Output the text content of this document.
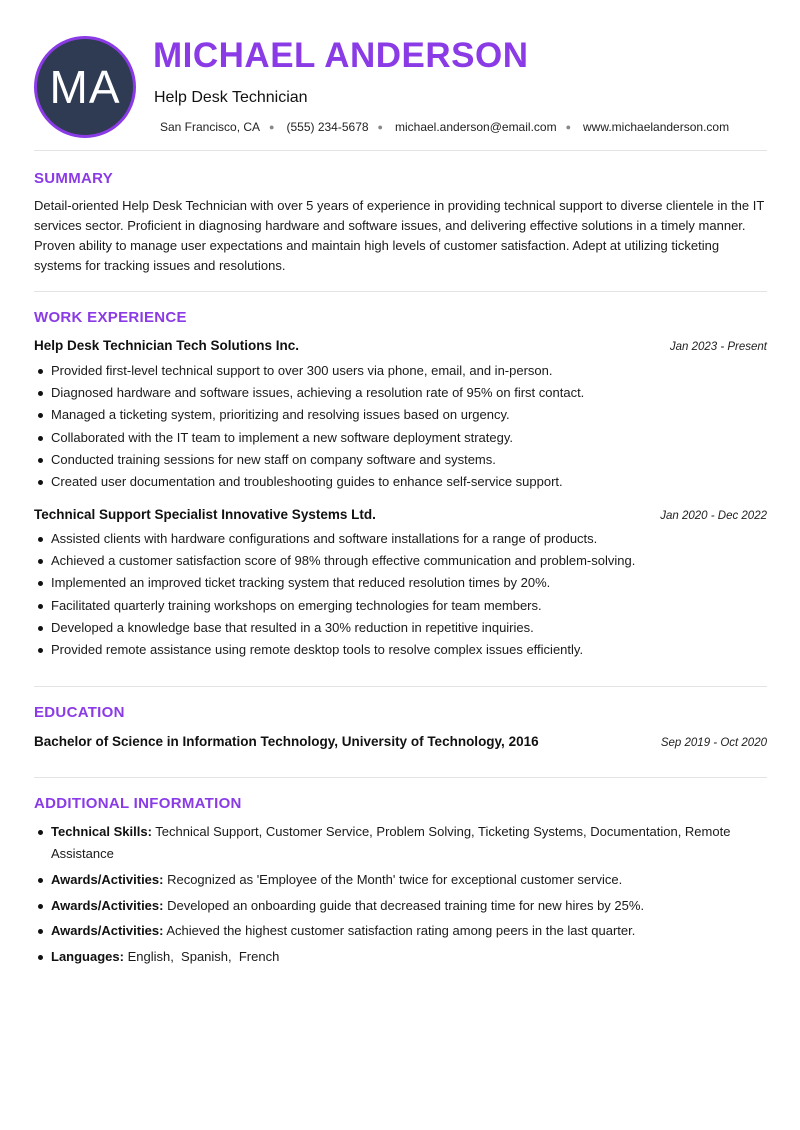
MA
MICHAEL ANDERSON
Help Desk Technician
San Francisco, CA ● (555) 234-5678 ● michael.anderson@email.com ● www.michaelanderson.com
SUMMARY

Detail-oriented Help Desk Technician with over 5 years of experience in providing technical support to diverse clientele in the IT services sector. Proficient in diagnosing hardware and software issues, and delivering effective solutions in a timely manner. Proven ability to manage user expectations and maintain high levels of customer satisfaction. Adept at utilizing ticketing systems for tracking issues and resolutions.

WORK EXPERIENCE
Help Desk Technician Tech Solutions Inc.	Jan 2023 - Present
Provided first-level technical support to over 300 users via phone, email, and in-person.
Diagnosed hardware and software issues, achieving a resolution rate of 95% on first contact.
Managed a ticketing system, prioritizing and resolving issues based on urgency.
Collaborated with the IT team to implement a new software deployment strategy.
Conducted training sessions for new staff on company software and systems.
Created user documentation and troubleshooting guides to enhance self-service support.
Technical Support Specialist Innovative Systems Ltd.	Jan 2020 - Dec 2022
Assisted clients with hardware configurations and software installations for a range of products.
Achieved a customer satisfaction score of 98% through effective communication and problem-solving.
Implemented an improved ticket tracking system that reduced resolution times by 20%.
Facilitated quarterly training workshops on emerging technologies for team members.
Developed a knowledge base that resulted in a 30% reduction in repetitive inquiries.
Provided remote assistance using remote desktop tools to resolve complex issues efficiently.
EDUCATION
Bachelor of Science in Information Technology, University of Technology, 2016	Sep 2019 - Oct 2020
ADDITIONAL INFORMATION
Technical Skills: Technical Support, Customer Service, Problem Solving, Ticketing Systems, Documentation, Remote Assistance
Awards/Activities: Recognized as 'Employee of the Month' twice for exceptional customer service.
Awards/Activities: Developed an onboarding guide that decreased training time for new hires by 25%.
Awards/Activities: Achieved the highest customer satisfaction rating among peers in the last quarter.
Languages: English,  Spanish,  French
